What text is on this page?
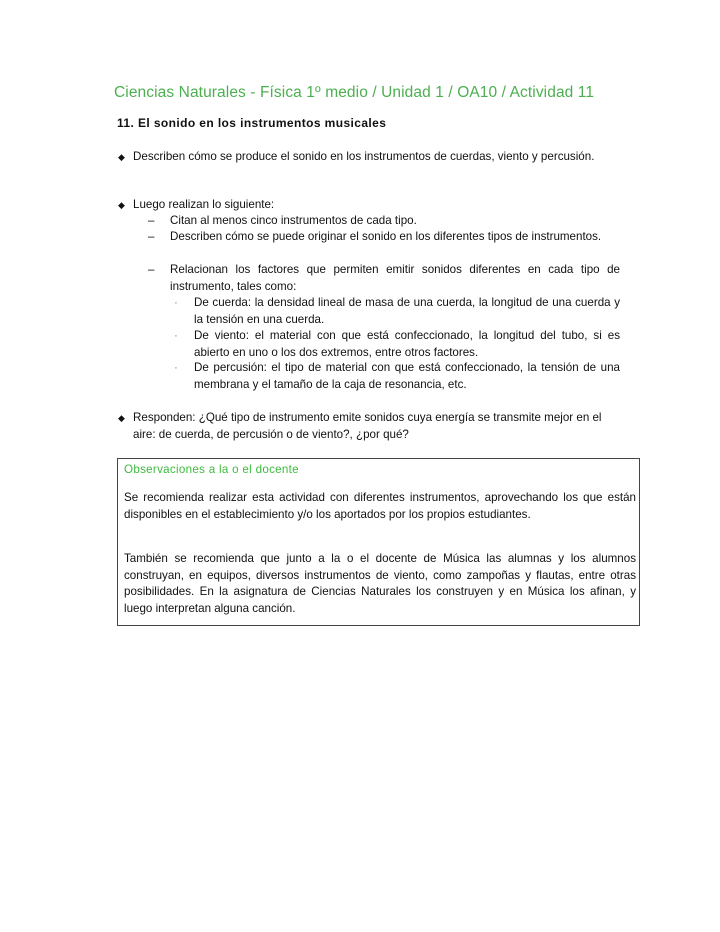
Ciencias Naturales - Física 1º medio / Unidad 1 / OA10 / Actividad 11
11. El sonido en los instrumentos musicales
◆ Describen cómo se produce el sonido en los instrumentos de cuerdas, viento y percusión.
◆ Luego realizan lo siguiente:
– Citan al menos cinco instrumentos de cada tipo.
– Describen cómo se puede originar el sonido en los diferentes tipos de instrumentos.
– Relacionan los factores que permiten emitir sonidos diferentes en cada tipo de instrumento, tales como:
· De cuerda: la densidad lineal de masa de una cuerda, la longitud de una cuerda y la tensión en una cuerda.
· De viento: el material con que está confeccionado, la longitud del tubo, si es abierto en uno o los dos extremos, entre otros factores.
· De percusión: el tipo de material con que está confeccionado, la tensión de una membrana y el tamaño de la caja de resonancia, etc.
◆ Responden: ¿Qué tipo de instrumento emite sonidos cuya energía se transmite mejor en el aire: de cuerda, de percusión o de viento?, ¿por qué?
Observaciones a la o el docente
Se recomienda realizar esta actividad con diferentes instrumentos, aprovechando los que están disponibles en el establecimiento y/o los aportados por los propios estudiantes.
También se recomienda que junto a la o el docente de Música las alumnas y los alumnos construyan, en equipos, diversos instrumentos de viento, como zampoñas y flautas, entre otras posibilidades. En la asignatura de Ciencias Naturales los construyen y en Música los afinan, y luego interpretan alguna canción.
